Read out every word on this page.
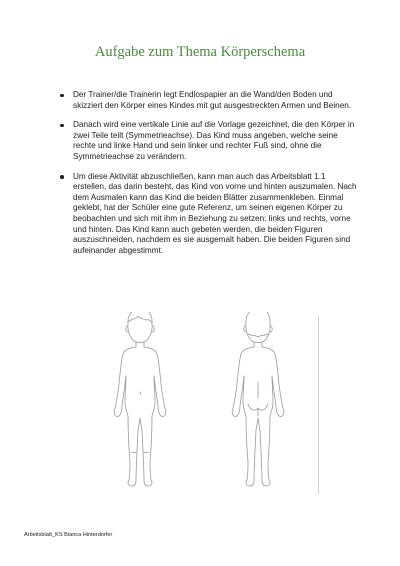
Aufgabe zum Thema Körperschema
Der Trainer/die Trainerin legt Endlospapier an die Wand/den Boden und skizziert den Körper eines Kindes mit gut ausgestreckten Armen und Beinen.
Danach wird eine vertikale Linie auf die Vorlage gezeichnet, die den Körper in zwei Teile teilt (Symmetrieachse). Das Kind muss angeben, welche seine rechte und linke Hand und sein linker und rechter Fuß sind, ohne die Symmetrieachse zu verändern.
Um diese Aktivität abzuschließen, kann man auch das Arbeitsblatt 1.1 erstellen, das darin besteht, das Kind von vorne und hinten auszumalen. Nach dem Ausmalen kann das Kind die beiden Blätter zusammenkleben. Einmal geklebt, hat der Schüler eine gute Referenz, um seinen eigenen Körper zu beobachten und sich mit ihm in Beziehung zu setzen: links und rechts, vorne und hinten. Das Kind kann auch gebeten werden, die beiden Figuren auszuschneiden, nachdem es sie ausgemalt haben. Die beiden Figuren sind aufeinander abgestimmt.
Arbeitsblatt_KS Bianca Hinterdorfer
